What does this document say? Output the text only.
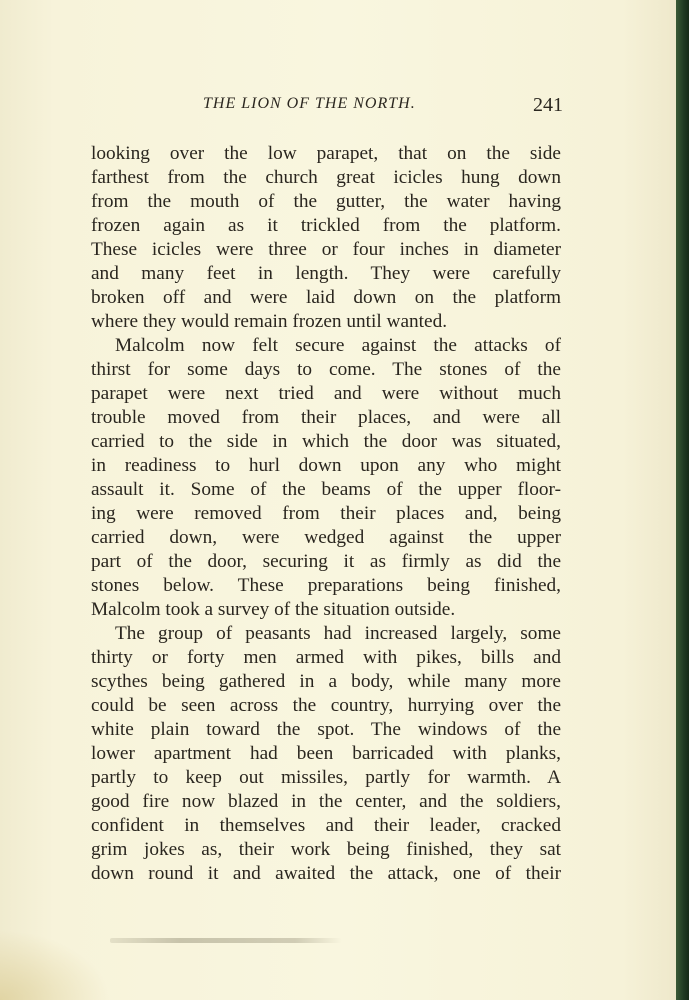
THE LION OF THE NORTH.	241
looking over the low parapet, that on the side
farthest from the church great icicles hung down
from the mouth of the gutter, the water having
frozen again as it trickled from the platform.
These icicles were three or four inches in diameter
and many feet in length. They were carefully
broken off and were laid down on the platform
where they would remain frozen until wanted.
Malcolm now felt secure against the attacks of
thirst for some days to come. The stones of the
parapet were next tried and were without much
trouble moved from their places, and were all
carried to the side in which the door was situated,
in readiness to hurl down upon any who might
assault it. Some of the beams of the upper floor-
ing were removed from their places and, being
carried down, were wedged against the upper
part of the door, securing it as firmly as did the
stones below. These preparations being finished,
Malcolm took a survey of the situation outside.
The group of peasants had increased largely, some
thirty or forty men armed with pikes, bills and
scythes being gathered in a body, while many more
could be seen across the country, hurrying over the
white plain toward the spot. The windows of the
lower apartment had been barricaded with planks,
partly to keep out missiles, partly for warmth. A
good fire now blazed in the center, and the soldiers,
confident in themselves and their leader, cracked
grim jokes as, their work being finished, they sat
down round it and awaited the attack, one of their
